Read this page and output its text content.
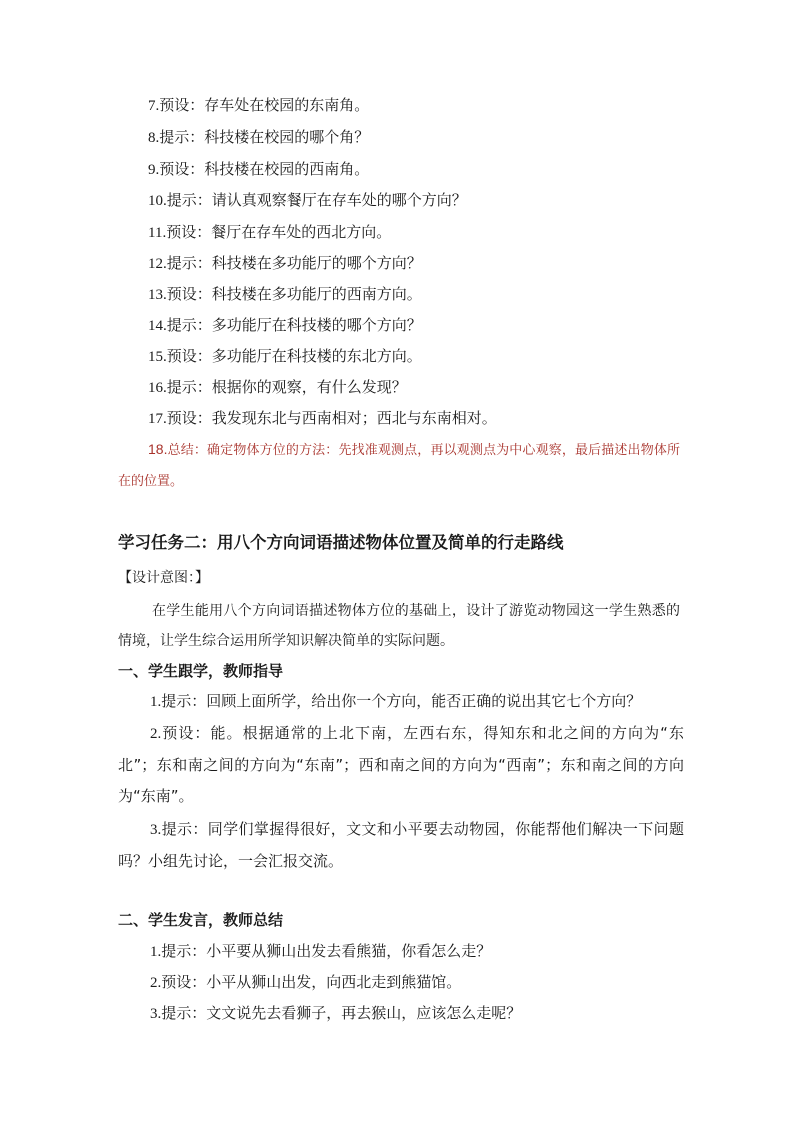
7.预设：存车处在校园的东南角。
8.提示：科技楼在校园的哪个角？
9.预设：科技楼在校园的西南角。
10.提示：请认真观察餐厅在存车处的哪个方向？
11.预设：餐厅在存车处的西北方向。
12.提示：科技楼在多功能厅的哪个方向？
13.预设：科技楼在多功能厅的西南方向。
14.提示：多功能厅在科技楼的哪个方向？
15.预设：多功能厅在科技楼的东北方向。
16.提示：根据你的观察，有什么发现？
17.预设：我发现东北与西南相对；西北与东南相对。
18.总结：确定物体方位的方法：先找准观测点，再以观测点为中心观察，最后描述出物体所在的位置。
学习任务二：用八个方向词语描述物体位置及简单的行走路线
【设计意图：】
在学生能用八个方向词语描述物体方位的基础上，设计了游览动物园这一学生熟悉的情境，让学生综合运用所学知识解决简单的实际问题。
一、学生跟学，教师指导
1.提示：回顾上面所学，给出你一个方向，能否正确的说出其它七个方向？
2.预设：能。根据通常的上北下南，左西右东，得知东和北之间的方向为“东北”；东和南之间的方向为“东南”；西和南之间的方向为“西南”；东和南之间的方向为“东南”。
3.提示：同学们掌握得很好，文文和小平要去动物园，你能帮他们解决一下问题吗？小组先讨论，一会汇报交流。
二、学生发言，教师总结
1.提示：小平要从狮山出发去看熊猫，你看怎么走？
2.预设：小平从狮山出发，向西北走到熊猫馆。
3.提示：文文说先去看狮子，再去猴山，应该怎么走呢？
